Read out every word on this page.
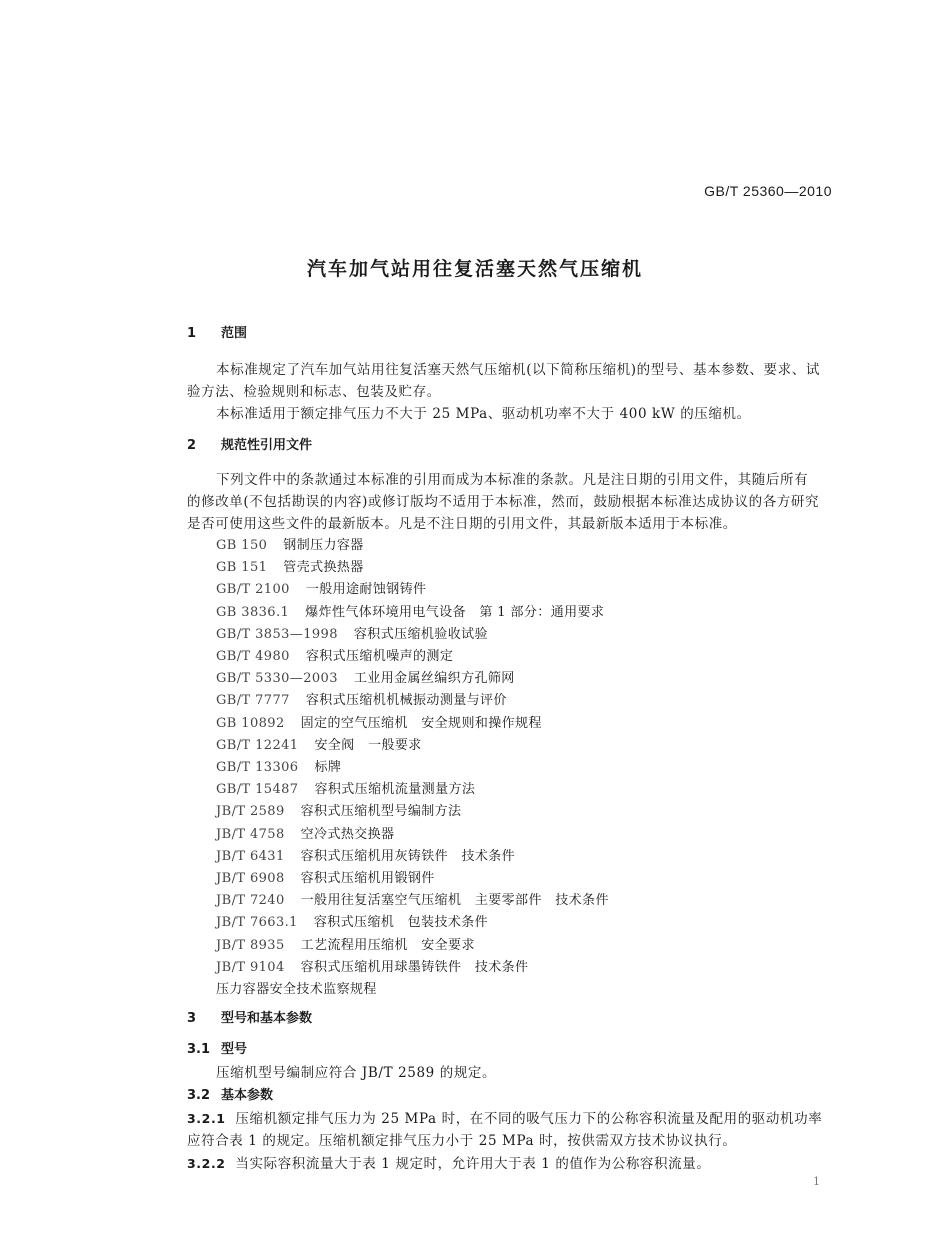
GB/T 25360—2010
汽车加气站用往复活塞天然气压缩机
1 范围
本标准规定了汽车加气站用往复活塞天然气压缩机(以下简称压缩机)的型号、基本参数、要求、试
验方法、检验规则和标志、包装及贮存。
本标准适用于额定排气压力不大于 25 MPa、驱动机功率不大于 400 kW 的压缩机。
2 规范性引用文件
下列文件中的条款通过本标准的引用而成为本标准的条款。凡是注日期的引用文件，其随后所有
的修改单(不包括勘误的内容)或修订版均不适用于本标准，然而，鼓励根据本标准达成协议的各方研究
是否可使用这些文件的最新版本。凡是不注日期的引用文件，其最新版本适用于本标准。
GB 150 钢制压力容器
GB 151 管壳式换热器
GB/T 2100 一般用途耐蚀钢铸件
GB 3836.1 爆炸性气体环境用电气设备　第 1 部分：通用要求
GB/T 3853—1998 容积式压缩机验收试验
GB/T 4980 容积式压缩机噪声的测定
GB/T 5330—2003 工业用金属丝编织方孔筛网
GB/T 7777 容积式压缩机机械振动测量与评价
GB 10892 固定的空气压缩机　安全规则和操作规程
GB/T 12241 安全阀　一般要求
GB/T 13306 标牌
GB/T 15487 容积式压缩机流量测量方法
JB/T 2589 容积式压缩机型号编制方法
JB/T 4758 空冷式热交换器
JB/T 6431 容积式压缩机用灰铸铁件　技术条件
JB/T 6908 容积式压缩机用锻钢件
JB/T 7240 一般用往复活塞空气压缩机　主要零部件　技术条件
JB/T 7663.1 容积式压缩机　包装技术条件
JB/T 8935 工艺流程用压缩机　安全要求
JB/T 9104 容积式压缩机用球墨铸铁件　技术条件
压力容器安全技术监察规程
3 型号和基本参数
3.1 型号
压缩机型号编制应符合 JB/T 2589 的规定。
3.2 基本参数
3.2.1 压缩机额定排气压力为 25 MPa 时，在不同的吸气压力下的公称容积流量及配用的驱动机功率
应符合表 1 的规定。压缩机额定排气压力小于 25 MPa 时，按供需双方技术协议执行。
3.2.2 当实际容积流量大于表 1 规定时，允许用大于表 1 的值作为公称容积流量。
1
